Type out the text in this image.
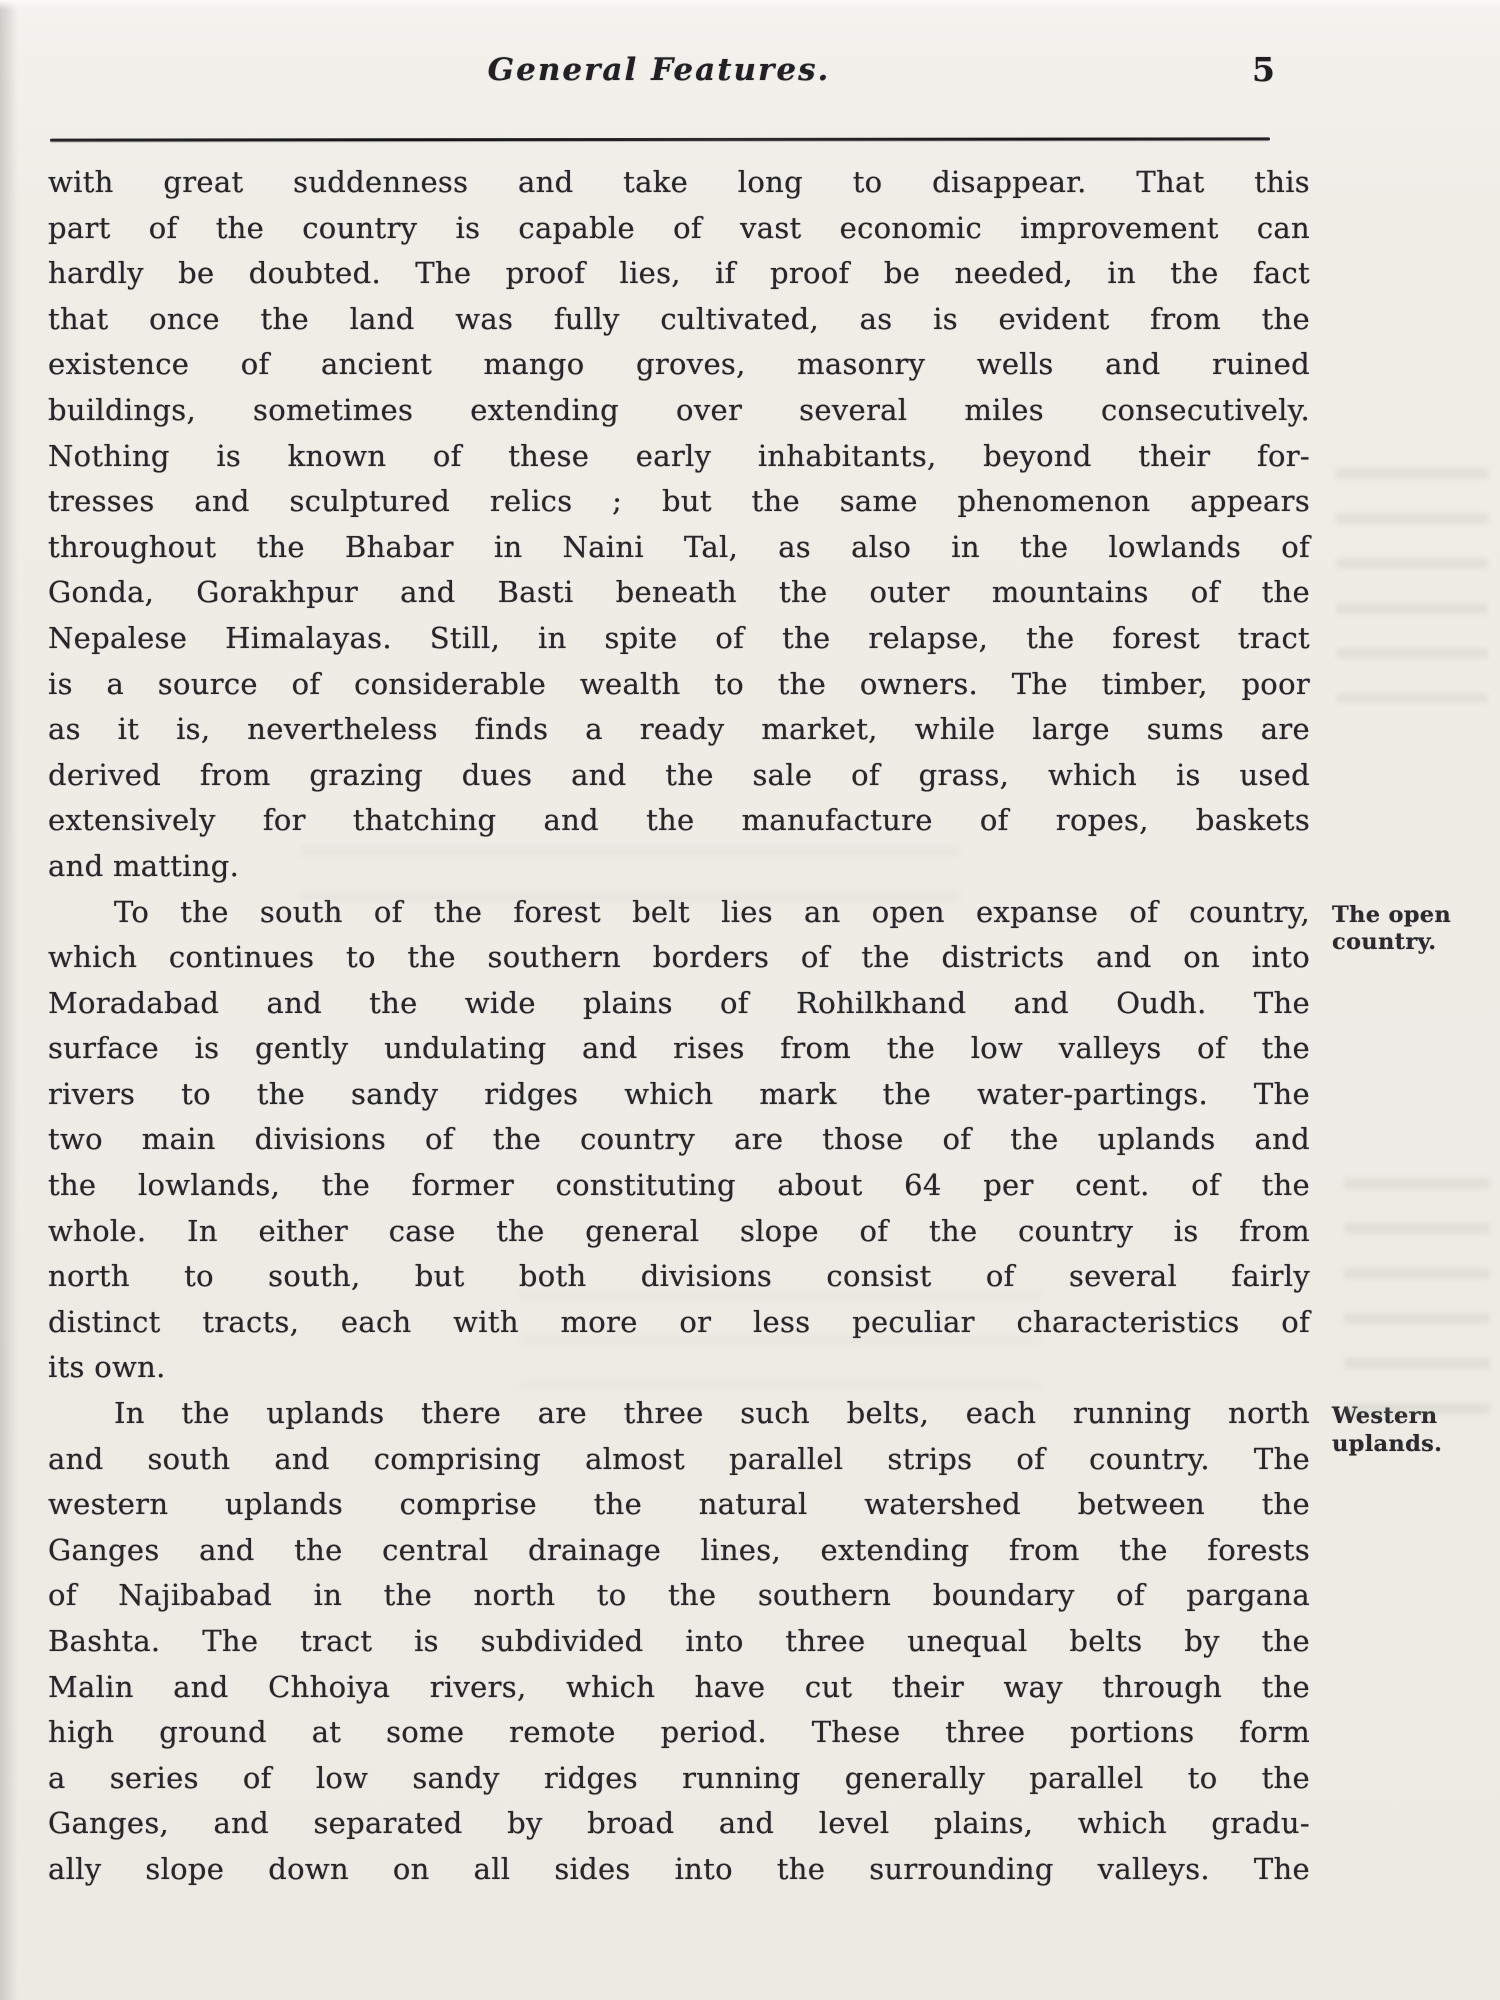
General Features.	5
with great suddenness and take long to disappear. That this
part of the country is capable of vast economic improvement can
hardly be doubted. The proof lies, if proof be needed, in the fact
that once the land was fully cultivated, as is evident from the
existence of ancient mango groves, masonry wells and ruined
buildings, sometimes extending over several miles consecutively.
Nothing is known of these early inhabitants, beyond their for-
tresses and sculptured relics ; but the same phenomenon appears
throughout the Bhabar in Naini Tal, as also in the lowlands of
Gonda, Gorakhpur and Basti beneath the outer mountains of the
Nepalese Himalayas. Still, in spite of the relapse, the forest tract
is a source of considerable wealth to the owners. The timber, poor
as it is, nevertheless finds a ready market, while large sums are
derived from grazing dues and the sale of grass, which is used
extensively for thatching and the manufacture of ropes, baskets
and matting.
The open country.
To the south of the forest belt lies an open expanse of country,
which continues to the southern borders of the districts and on into
Moradabad and the wide plains of Rohilkhand and Oudh. The
surface is gently undulating and rises from the low valleys of the
rivers to the sandy ridges which mark the water-partings. The
two main divisions of the country are those of the uplands and
the lowlands, the former constituting about 64 per cent. of the
whole. In either case the general slope of the country is from
north to south, but both divisions consist of several fairly
distinct tracts, each with more or less peculiar characteristics of
its own.
Western uplands.
In the uplands there are three such belts, each running north
and south and comprising almost parallel strips of country. The
western uplands comprise the natural watershed between the
Ganges and the central drainage lines, extending from the forests
of Najibabad in the north to the southern boundary of pargana
Bashta. The tract is subdivided into three unequal belts by the
Malin and Chhoiya rivers, which have cut their way through the
high ground at some remote period. These three portions form
a series of low sandy ridges running generally parallel to the
Ganges, and separated by broad and level plains, which gradu-
ally slope down on all sides into the surrounding valleys. The
